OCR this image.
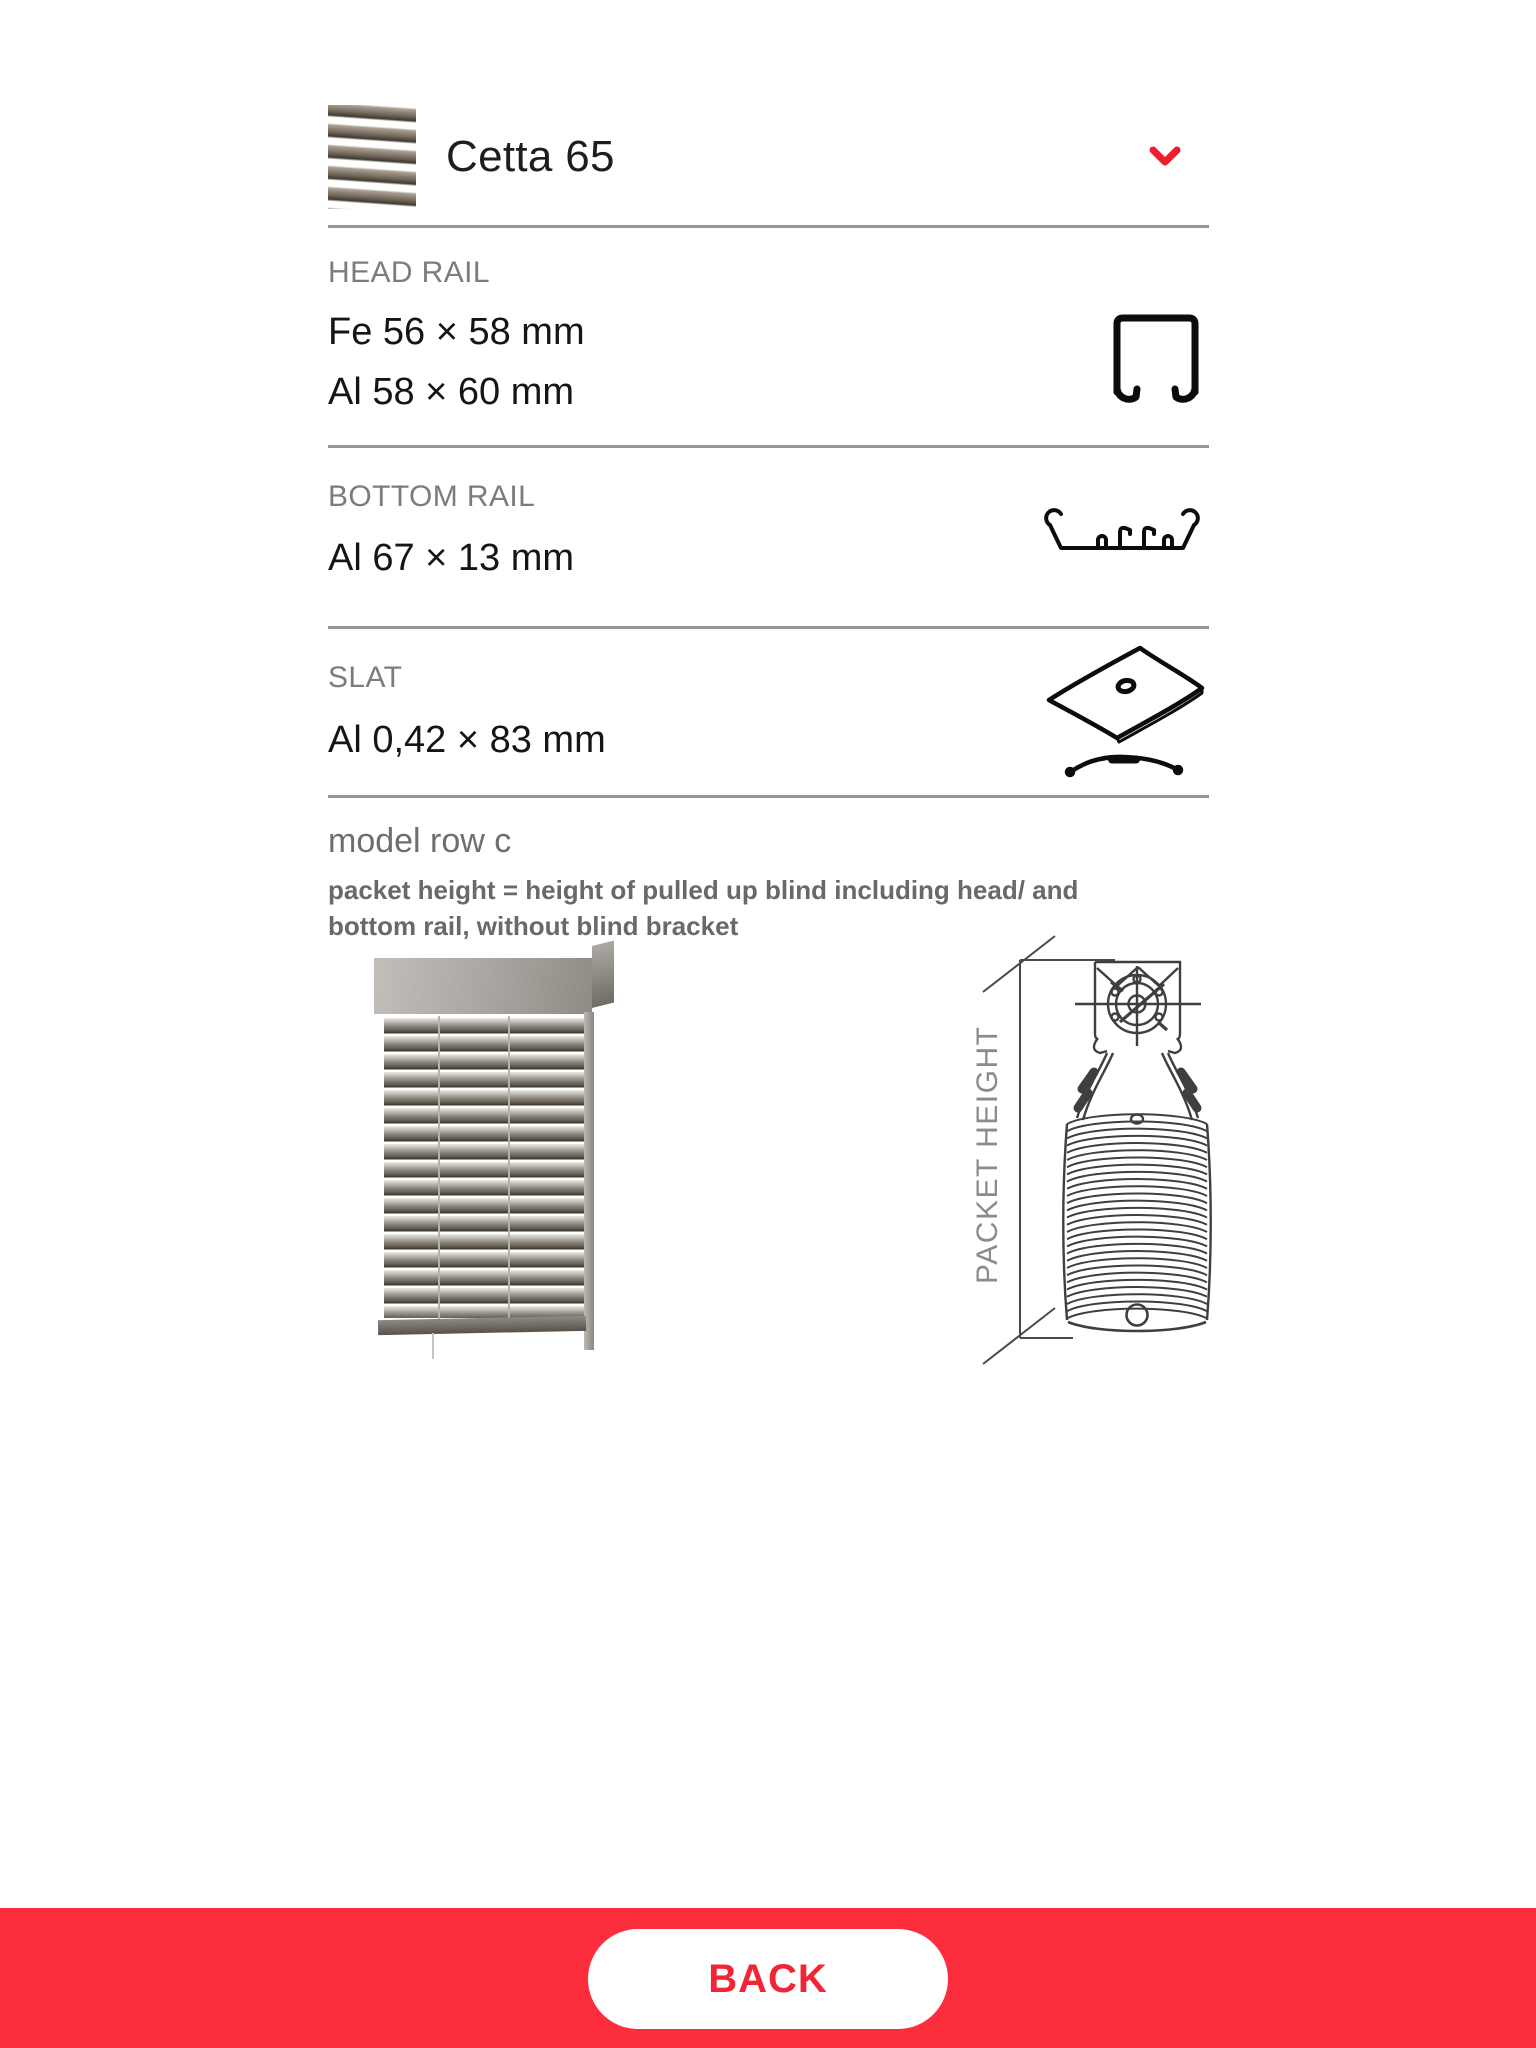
Cetta 65
HEAD RAIL
Fe 56 × 58 mm
Al 58 × 60 mm
BOTTOM RAIL
Al 67 × 13 mm
SLAT
Al 0,42 × 83 mm
model row c
packet height = height of pulled up blind including head/ and bottom rail, without blind bracket
PACKET HEIGHT
BACK
